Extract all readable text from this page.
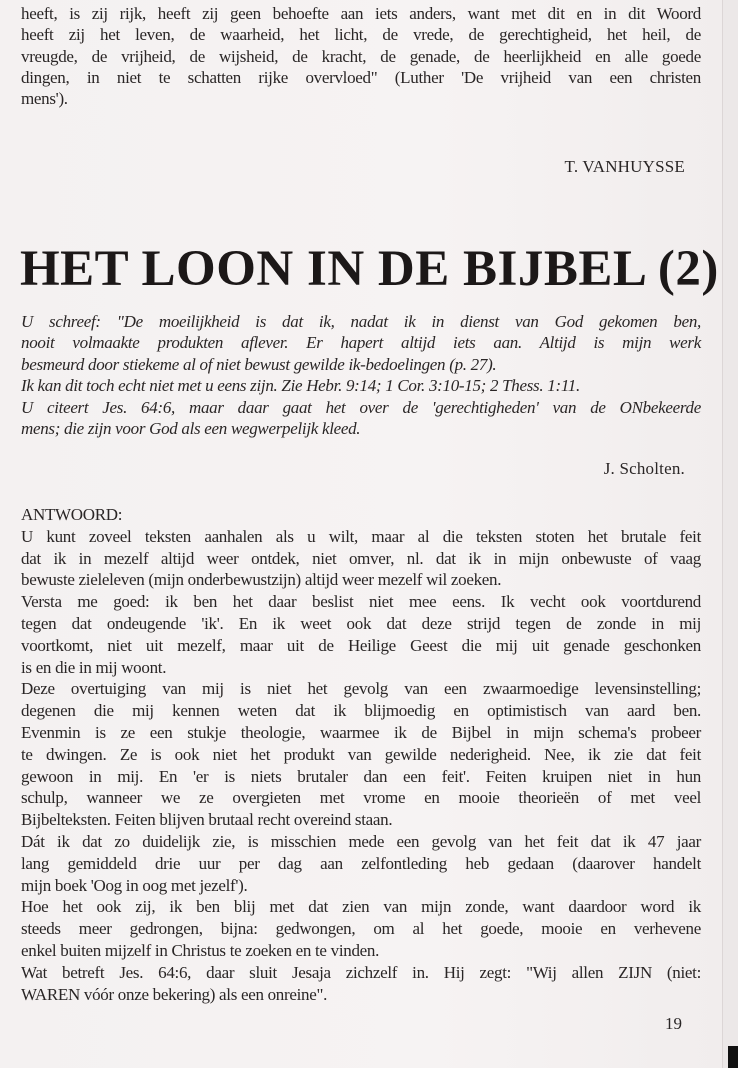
heeft, is zij rijk, heeft zij geen behoefte aan iets anders, want met dit en in dit Woord
heeft zij het leven, de waarheid, het licht, de vrede, de gerechtigheid, het heil, de
vreugde, de vrijheid, de wijsheid, de kracht, de genade, de heerlijkheid en alle goede
dingen, in niet te schatten rijke overvloed" (Luther 'De vrijheid van een christen
mens').
T. VANHUYSSE
HET LOON IN DE BIJBEL (2)
U schreef: "De moeilijkheid is dat ik, nadat ik in dienst van God gekomen ben,
nooit volmaakte produkten aflever. Er hapert altijd iets aan. Altijd is mijn werk
besmeurd door stiekeme al of niet bewust gewilde ik-bedoelingen (p. 27).
Ik kan dit toch echt niet met u eens zijn. Zie Hebr. 9:14; 1 Cor. 3:10-15; 2 Thess. 1:11.
U citeert Jes. 64:6, maar daar gaat het over de 'gerechtigheden' van de ONbekeerde
mens; die zijn voor God als een wegwerpelijk kleed.
J. Scholten.
ANTWOORD:
U kunt zoveel teksten aanhalen als u wilt, maar al die teksten stoten het brutale feit
dat ik in mezelf altijd weer ontdek, niet omver, nl. dat ik in mijn onbewuste of vaag
bewuste zieleleven (mijn onderbewustzijn) altijd weer mezelf wil zoeken.
Versta me goed: ik ben het daar beslist niet mee eens. Ik vecht ook voortdurend
tegen dat ondeugende 'ik'. En ik weet ook dat deze strijd tegen de zonde in mij
voortkomt, niet uit mezelf, maar uit de Heilige Geest die mij uit genade geschonken
is en die in mij woont.
Deze overtuiging van mij is niet het gevolg van een zwaarmoedige levensinstelling;
degenen die mij kennen weten dat ik blijmoedig en optimistisch van aard ben.
Evenmin is ze een stukje theologie, waarmee ik de Bijbel in mijn schema's probeer
te dwingen. Ze is ook niet het produkt van gewilde nederigheid. Nee, ik zie dat feit
gewoon in mij. En 'er is niets brutaler dan een feit'. Feiten kruipen niet in hun
schulp, wanneer we ze overgieten met vrome en mooie theorieën of met veel
Bijbelteksten. Feiten blijven brutaal recht overeind staan.
Dát ik dat zo duidelijk zie, is misschien mede een gevolg van het feit dat ik 47 jaar
lang gemiddeld drie uur per dag aan zelfontleding heb gedaan (daarover handelt
mijn boek 'Oog in oog met jezelf').
Hoe het ook zij, ik ben blij met dat zien van mijn zonde, want daardoor word ik
steeds meer gedrongen, bijna: gedwongen, om al het goede, mooie en verhevene
enkel buiten mijzelf in Christus te zoeken en te vinden.
Wat betreft Jes. 64:6, daar sluit Jesaja zichzelf in. Hij zegt: "Wij allen ZIJN (niet:
WAREN vóór onze bekering) als een onreine".
19
